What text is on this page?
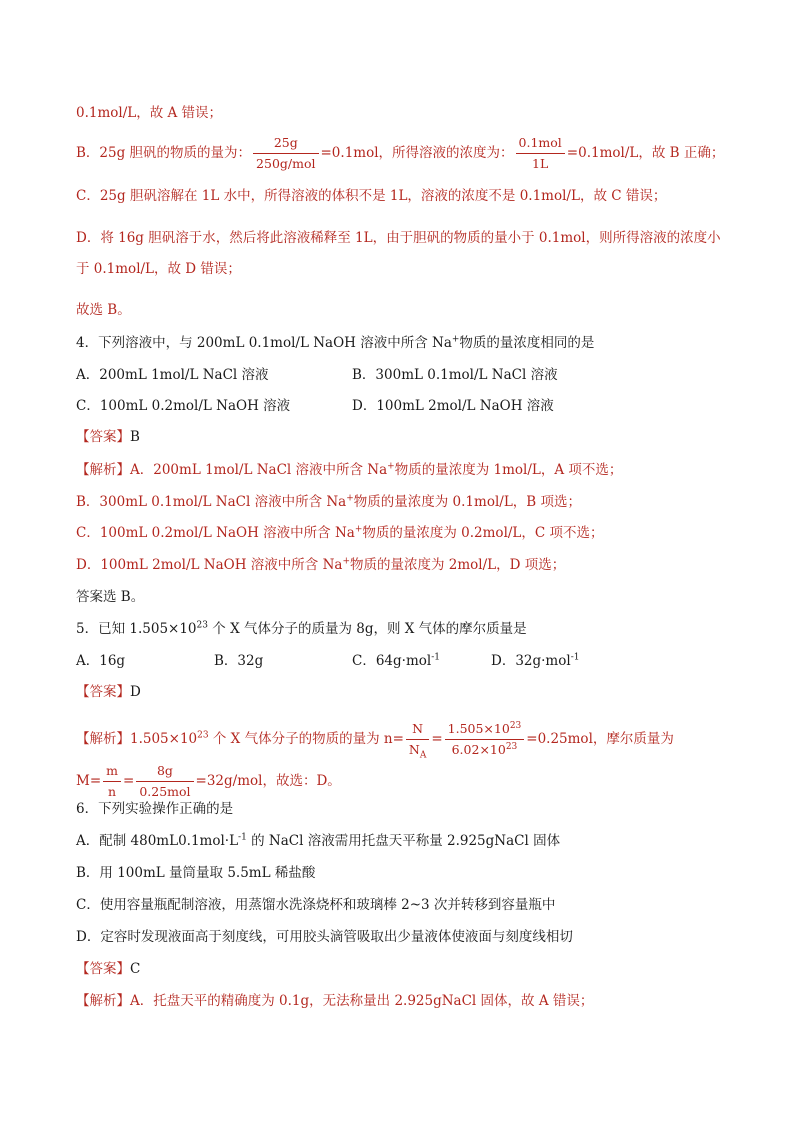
0.1mol/L，故 A 错误；
B．25g 胆矾的物质的量为： $\frac{25g}{\text{250g/mol}} =0.1mol$，所得溶液的浓度为： $\frac{\text{0.1mol}}{1L} =0.1mol/L$，故 B 正确；
C．25g 胆矾溶解在 1L 水中，所得溶液的体积不是 1L，溶液的浓度不是 0.1mol/L，故 C 错误；
D．将 16g 胆矾溶于水，然后将此溶液稀释至 1L，由于胆矾的物质的量小于 0.1mol，则所得溶液的浓度小
于 0.1mol/L，故 D 错误；
故选 B。
4．下列溶液中，与 200mL 0.1mol/L NaOH 溶液中所含 Na+物质的量浓度相同的是
A．200mL 1mol/L NaCl 溶液	B．300mL 0.1mol/L NaCl 溶液
C．100mL 0.2mol/L NaOH 溶液	D．100mL 2mol/L NaOH 溶液
【答案】B
【解析】A．200mL 1mol/L NaCl 溶液中所含 Na+物质的量浓度为 1mol/L，A 项不选；
B．300mL 0.1mol/L NaCl 溶液中所含 Na+物质的量浓度为 0.1mol/L，B 项选；
C．100mL 0.2mol/L NaOH 溶液中所含 Na+物质的量浓度为 0.2mol/L，C 项不选；
D．100mL 2mol/L NaOH 溶液中所含 Na+物质的量浓度为 2mol/L，D 项选；
答案选 B。
5．已知 $1.505\times 10^{23}$ 个 X 气体分子的质量为 8g，则 X 气体的摩尔质量是
A．16g	B．32g	C．64g·mol$^{-1}$	D．32g·mol$^{-1}$
【答案】D
【解析】$1.505\times 10^{23}$ 个 X 气体分子的物质的量为 $n= \frac{N}{N_A} = \frac{1.505\times 10^{23}}{6.02\times 10^{23}} =0.25mol$，摩尔质量为
$M= \frac{m}{n} = \frac{8g}{\text{0.25mol}} =32g/mol$，故选：D。
6．下列实验操作正确的是
A．配制 $480mL0.1mol\cdot L^{-1}$ 的 NaCl 溶液需用托盘天平称量 2.925gNaCl 固体
B．用 100mL 量筒量取 5.5mL 稀盐酸
C．使用容量瓶配制溶液，用蒸馏水洗涤烧杯和玻璃棒 2~3 次并转移到容量瓶中
D．定容时发现液面高于刻度线，可用胶头滴管吸取出少量液体使液面与刻度线相切
【答案】C
【解析】A．托盘天平的精确度为 0.1g，无法称量出 2.925gNaCl 固体，故 A 错误；
